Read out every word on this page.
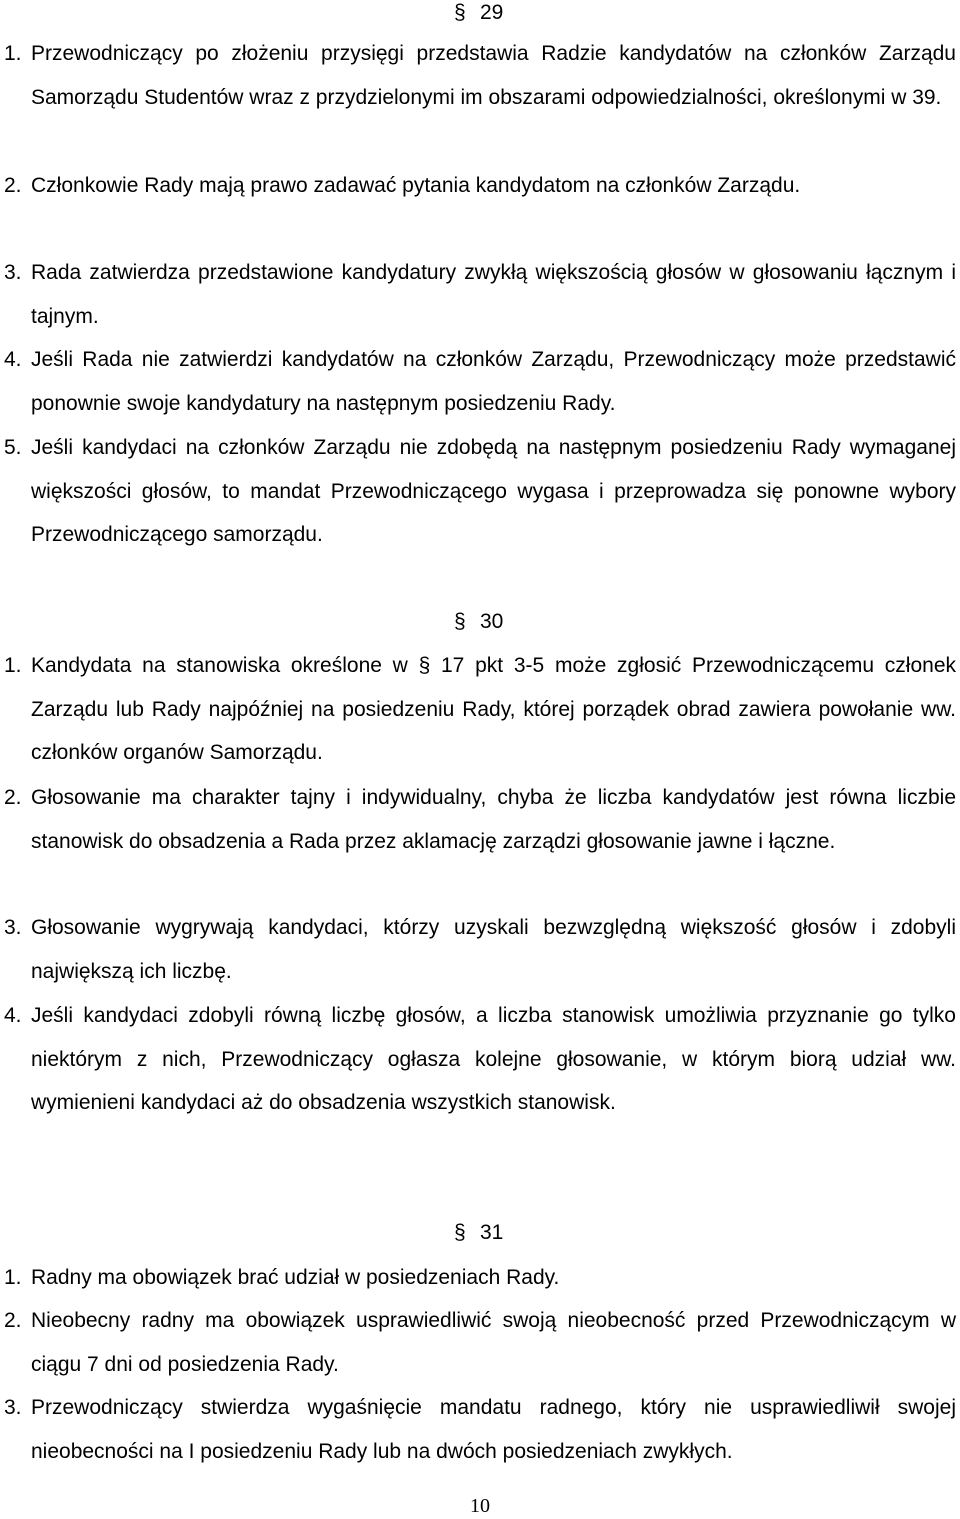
§ 29
1. Przewodniczący po złożeniu przysięgi przedstawia Radzie kandydatów na członków Zarządu Samorządu Studentów wraz z przydzielonymi im obszarami odpowiedzialności, określonymi w 39.
2. Członkowie Rady mają prawo zadawać pytania kandydatom na członków Zarządu.
3. Rada zatwierdza przedstawione kandydatury zwykłą większością głosów w głosowaniu łącznym i tajnym.
4. Jeśli Rada nie zatwierdzi kandydatów na członków Zarządu, Przewodniczący może przedstawić ponownie swoje kandydatury na następnym posiedzeniu Rady.
5. Jeśli kandydaci na członków Zarządu nie zdobędą na następnym posiedzeniu Rady wymaganej większości głosów, to mandat Przewodniczącego wygasa i przeprowadza się ponowne wybory Przewodniczącego samorządu.
§ 30
1. Kandydata na stanowiska określone w § 17 pkt 3-5 może zgłosić Przewodniczącemu członek Zarządu lub Rady najpóźniej na posiedzeniu Rady, której porządek obrad zawiera powołanie ww. członków organów Samorządu.
2. Głosowanie ma charakter tajny i indywidualny, chyba że liczba kandydatów jest równa liczbie stanowisk do obsadzenia a Rada przez aklamację zarządzi głosowanie jawne i łączne.
3. Głosowanie wygrywają kandydaci, którzy uzyskali bezwzględną większość głosów i zdobyli największą ich liczbę.
4. Jeśli kandydaci zdobyli równą liczbę głosów, a liczba stanowisk umożliwia przyznanie go tylko niektórym z nich, Przewodniczący ogłasza kolejne głosowanie, w którym biorą udział ww. wymienieni kandydaci aż do obsadzenia wszystkich stanowisk.
§ 31
1. Radny ma obowiązek brać udział w posiedzeniach Rady.
2. Nieobecny radny ma obowiązek usprawiedliwić swoją nieobecność przed Przewodniczącym w ciągu 7 dni od posiedzenia Rady.
3. Przewodniczący stwierdza wygaśnięcie mandatu radnego, który nie usprawiedliwił swojej nieobecności na I posiedzeniu Rady lub na dwóch posiedzeniach zwykłych.
10
